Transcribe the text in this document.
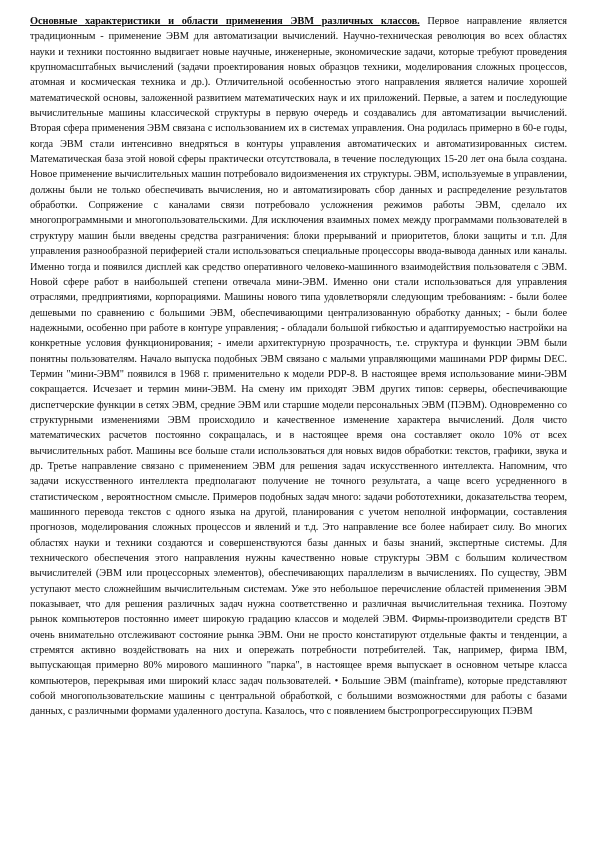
Основные характеристики и области применения ЭВМ различных классов. Первое направление является традиционным - применение ЭВМ для автоматизации вычислений. Научно-техническая революция во всех областях науки и техники постоянно выдвигает новые научные, инженерные, экономические задачи, которые требуют проведения крупномасштабных вычислений (задачи проектирования новых образцов техники, моделирования сложных процессов, атомная и космическая техника и др.). Отличительной особенностью этого направления является наличие хорошей математической основы, заложенной развитием математических наук и их приложений. Первые, а затем и последующие вычислительные машины классической структуры в первую очередь и создавались для автоматизации вычислений. Вторая сфера применения ЭВМ связана с использованием их в системах управления. Она родилась примерно в 60-е годы, когда ЭВМ стали интенсивно внедряться в контуры управления автоматических и автоматизированных систем. Математическая база этой новой сферы практически отсутствовала, в течение последующих 15-20 лет она была создана. Новое применение вычислительных машин потребовало видоизменения их структуры. ЭВМ, используемые в управлении, должны были не только обеспечивать вычисления, но и автоматизировать сбор данных и распределение результатов обработки. Сопряжение с каналами связи потребовало усложнения режимов работы ЭВМ, сделало их многопрограммными и многопользовательскими. Для исключения взаимных помех между программами пользователей в структуру машин были введены средства разграничения: блоки прерываний и приоритетов, блоки защиты и т.п. Для управления разнообразной периферией стали использоваться специальные процессоры ввода-вывода данных или каналы. Именно тогда и появился дисплей как средство оперативного человеко-машинного взаимодействия пользователя с ЭВМ. Новой сфере работ в наибольшей степени отвечала мини-ЭВМ. Именно они стали использоваться для управления отраслями, предприятиями, корпорациями. Машины нового типа удовлетворяли следующим требованиям: - были более дешевыми по сравнению с большими ЭВМ, обеспечивающими централизованную обработку данных; - были более надежными, особенно при работе в контуре управления; - обладали большой гибкостью и адаптируемостью настройки на конкретные условия функционирования; - имели архитектурную прозрачность, т.е. структура и функции ЭВМ были понятны пользователям. Начало выпуска подобных ЭВМ связано с малыми управляющими машинами PDP фирмы DEC. Термин "мини-ЭВМ" появился в 1968 г. применительно к модели PDP-8. В настоящее время использование мини-ЭВМ сокращается. Исчезает и термин мини-ЭВМ. На смену им приходят ЭВМ других типов: серверы, обеспечивающие диспетчерские функции в сетях ЭВМ, средние ЭВМ или старшие модели персональных ЭВМ (ПЭВМ). Одновременно со структурными изменениями ЭВМ происходило и качественное изменение характера вычислений. Доля чисто математических расчетов постоянно сокращалась, и в настоящее время она составляет около 10% от всех вычислительных работ. Машины все больше стали использоваться для новых видов обработки: текстов, графики, звука и др. Третье направление связано с применением ЭВМ для решения задач искусственного интеллекта. Напомним, что задачи искусственного интеллекта предполагают получение не точного результата, а чаще всего усредненного в статистическом , вероятностном смысле. Примеров подобных задач много: задачи робототехники, доказательства теорем, машинного перевода текстов с одного языка на другой, планирования с учетом неполной информации, составления прогнозов, моделирования сложных процессов и явлений и т.д. Это направление все более набирает силу. Во многих областях науки и техники создаются и совершенствуются базы данных и базы знаний, экспертные системы. Для технического обеспечения этого направления нужны качественно новые структуры ЭВМ с большим количеством вычислителей (ЭВМ или процессорных элементов), обеспечивающих параллелизм в вычислениях. По существу, ЭВМ уступают место сложнейшим вычислительным системам. Уже это небольшое перечисление областей применения ЭВМ показывает, что для решения различных задач нужна соответственно и различная вычислительная техника. Поэтому рынок компьютеров постоянно имеет широкую градацию классов и моделей ЭВМ. Фирмы-производители средств ВТ очень внимательно отслеживают состояние рынка ЭВМ. Они не просто констатируют отдельные факты и тенденции, а стремятся активно воздействовать на них и опережать потребности потребителей. Так, например, фирма IBM, выпускающая примерно 80% мирового машинного "парка", в настоящее время выпускает в основном четыре класса компьютеров, перекрывая ими широкий класс задач пользователей. • Большие ЭВМ (mainframe), которые представляют собой многопользовательские машины с центральной обработкой, с большими возможностями для работы с базами данных, с различными формами удаленного доступа. Казалось, что с появлением быстропрогрессирующих ПЭВМ
